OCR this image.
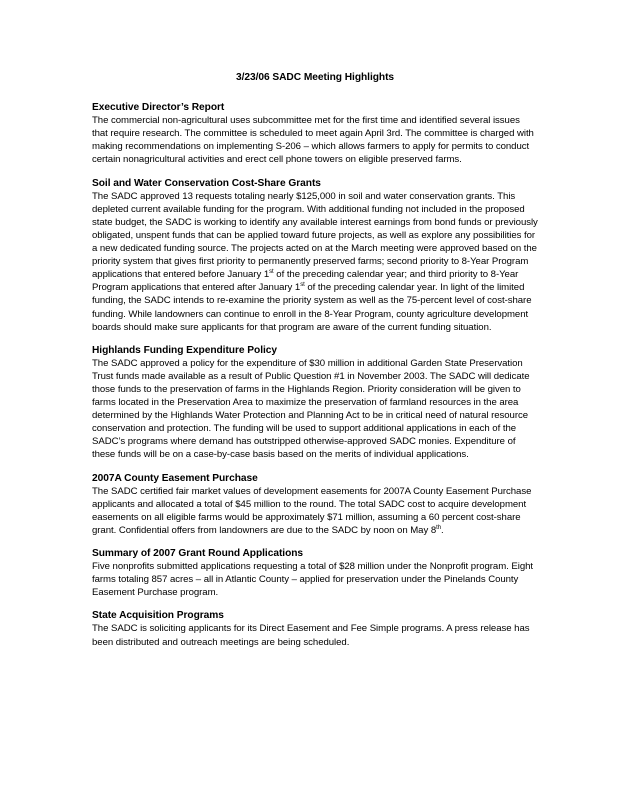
3/23/06 SADC Meeting Highlights

Executive Director’s Report

The commercial non-agricultural uses subcommittee met for the first time and identified several issues that require research. The committee is scheduled to meet again April 3rd. The committee is charged with making recommendations on implementing S-206 – which allows farmers to apply for permits to conduct certain nonagricultural activities and erect cell phone towers on eligible preserved farms.

Soil and Water Conservation Cost-Share Grants

The SADC approved 13 requests totaling nearly $125,000 in soil and water conservation grants. This depleted current available funding for the program. With additional funding not included in the proposed state budget, the SADC is working to identify any available interest earnings from bond funds or previously obligated, unspent funds that can be applied toward future projects, as well as explore any possibilities for a new dedicated funding source. The projects acted on at the March meeting were approved based on the priority system that gives first priority to permanently preserved farms; second priority to 8-Year Program applications that entered before January 1st of the preceding calendar year; and third priority to 8-Year Program applications that entered after January 1st of the preceding calendar year. In light of the limited funding, the SADC intends to re-examine the priority system as well as the 75-percent level of cost-share funding. While landowners can continue to enroll in the 8-Year Program, county agriculture development boards should make sure applicants for that program are aware of the current funding situation.

Highlands Funding Expenditure Policy

The SADC approved a policy for the expenditure of $30 million in additional Garden State Preservation Trust funds made available as a result of Public Question #1 in November 2003. The SADC will dedicate those funds to the preservation of farms in the Highlands Region. Priority consideration will be given to farms located in the Preservation Area to maximize the preservation of farmland resources in the area determined by the Highlands Water Protection and Planning Act to be in critical need of natural resource conservation and protection. The funding will be used to support additional applications in each of the SADC’s programs where demand has outstripped otherwise-approved SADC monies. Expenditure of these funds will be on a case-by-case basis based on the merits of individual applications.

2007A County Easement Purchase

The SADC certified fair market values of development easements for 2007A County Easement Purchase applicants and allocated a total of $45 million to the round. The total SADC cost to acquire development easements on all eligible farms would be approximately $71 million, assuming a 60 percent cost-share grant. Confidential offers from landowners are due to the SADC by noon on May 8th.

Summary of 2007 Grant Round Applications

Five nonprofits submitted applications requesting a total of $28 million under the Nonprofit program. Eight farms totaling 857 acres – all in Atlantic County – applied for preservation under the Pinelands County Easement Purchase program.

State Acquisition Programs

The SADC is soliciting applicants for its Direct Easement and Fee Simple programs. A press release has been distributed and outreach meetings are being scheduled.
